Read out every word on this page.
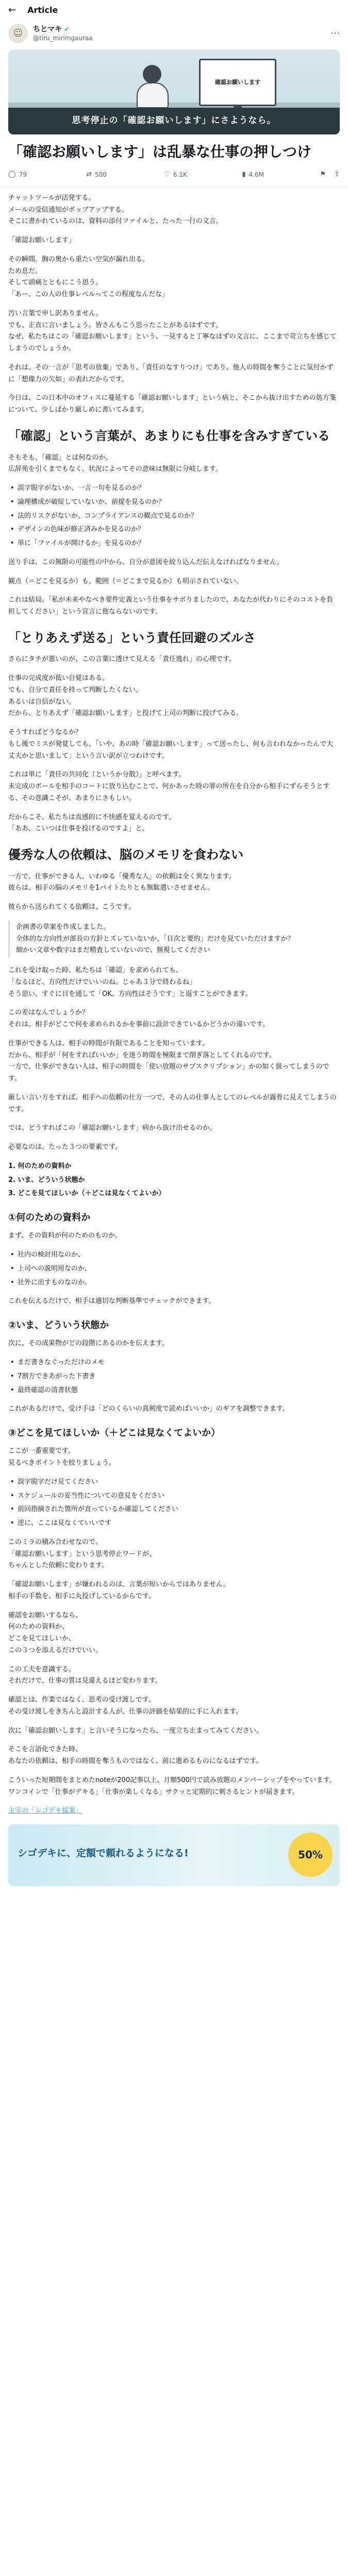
← Article
☺	ちとマキ ✔
@tiru_mirimgauraa	⋯
確認お願いします
思考停止の「確認お願いします」にさようなら。
「確認お願いします」は乱暴な仕事の押しつけ
◯ 79	⇄ 500	♡ 6.1K	▮ 4.6M	⚑ ⇪

チャットツールが活発する。
メールの受信通知がポップアップする。
そこに書かれているのは、資料の添付ファイルと、たった一行の文言。

「確認お願いします」

その瞬間、胸の奥から重たい空気が漏れ出る。
ため息だ。
そして頭痛とともにこう思う。
「あー、この人の仕事レベルってこの程度なんだな」

汚い言葉で申し訳ありません。
でも、正直に言いましょう。皆さんもこう思ったことがあるはずです。
なぜ、私たちはこの「確認お願いします」という、一見すると丁寧なはずの文言に、ここまで苛立ちを感じてしまうのでしょうか。

それは、その一言が「思考の放棄」であり、「責任のなすりつけ」であり、他人の時間を奪うことに気付かずに「想像力の欠如」の表れだからです。

今日は、この日本中のオフィスに蔓延する「確認お願いします」という病と、そこから抜け出すための処方箋について、少しばかり厳しめに書いてみます。

「確認」という言葉が、あまりにも仕事を含みすぎている

そもそも、「確認」とは何なのか。
広辞苑を引くまでもなく、状況によってその意味は無限に分岐します。

• 誤字脱字がないか、一言一句を見るのか？
• 論理構成が破綻していないか、前提を見るのか？
• 法的リスクがないか、コンプライアンスの観点で見るのか？
• デザインの色味が修正済みかを見るのか？
• 単に「ファイルが開けるか」を見るのか？

送り手は、この無限の可能性の中から、自分が意図を絞り込んだ伝えなければなりません。

観点（＝どこを見るか）も、範囲（＝どこまで見るか）も明示されていない。

これは結局、「私が未来やなべき要件定義という仕事をサボりましたので、あなたが代わりにそのコストを負担してください」という宣言に他ならないのです。

「とりあえず送る」という責任回避のズルさ

さらにタチが悪いのが、この言葉に透けて見える「責任逃れ」の心理です。

仕事の完成度が低い自覚はある。
でも、自分で責任を持って判断したくない。
あるいは自信がない。
だから、とりあえず「確認お願いします」と投げて上司の判断に投げてみる。

そうすればどうなるか？
もし後でミスが発覚しても、「いや、あの時「確認お願いします」って送ったし、何も言われなかったんで大丈夫かと思いまして」という言い訳が立つわけです。

これは単に「責任の共同化（というか分散）」と呼べます。
未完成のボールを相手のコートに放り込むことで、何かあった時の罪の所在を自分から相手にずらそうとする、その意識こそが、あまりにさもしい。

だからこそ、私たちは直感的に不快感を覚えるのです。
「ああ、こいつは仕事を投げるのですよ」と。

優秀な人の依頼は、脳のメモリを食わない

一方で、仕事ができる人、いわゆる「優秀な人」の依頼は全く異なります。
彼らは、相手の脳のメモリを1バイトたりとも無駄遣いさせません。

彼らから送られてくる依頼は、こうです。

企画書の草案を作成しました。
全体的な方向性が部長の方針とズレていないか、「目次と要約」だけを見ていただけますか？
細かい文章や数字はまだ精査していないので、無視してください

これを受け取った時、私たちは「確認」を求められても、
「なるほど、方向性だけでいいのね。じゃあ３分で終わるね」
そう思い、すぐに目を通して「OK、方向性はそうです」と返すことができます。

この差はなんでしょうか？
それは、相手がどこで何を求められるかを事前に設計できているかどうかの違いです。

仕事ができる人は、相手の時間が有限であることを知っています。
だから、相手が「何をすればいいか」を迷う時間を極限まで削ぎ落としてくれるのです。
一方で、仕事ができない人は、相手の時間を「使い放題のサブスクリプション」かの如く扱ってしまうのです。

厳しい言い方をすれば、相手への依頼の仕方一つで、その人の仕事人としてのレベルが露骨に見えてしまうのです。

では、どうすればこの「確認お願いします」病から抜け出せるのか。

必要なのは、たった３つの要素です。

1. 何のための資料か
2. いま、どういう状態か
3. どこを見てほしいか（＋どこは見なくてよいか）
①何のための資料か

まず、その資料が何のためのものか。

• 社内の検討用なのか、
• 上司への説明用なのか、
• 社外に出すものなのか。

これを伝えるだけで、相手は適切な判断基準でチェックができます。

②いま、どういう状態か

次に、その成果物がどの段階にあるのかを伝えます。

• まだ書きなぐっただけのメモ
• 7割方できあがった下書き
• 最終確認の清書状態

これがあるだけで、受け手は「どのくらいの真剣度で読めばいいか」のギアを調整できます。

③どこを見てほしいか（＋どこは見なくてよいか）

ここが一番重要です。
見るべきポイントを絞りましょう。

• 誤字脱字だけ見てください
• スケジュールの妥当性についての意見をください
• 前回指摘された箇所が直っているか確認してください
• 逆に、ここは見なくていいです

このミラの積み合わせなので、
「確認お願いします」という思考停止ワードが、
ちゃんとした依頼に変わります。

「確認お願いします」が嫌われるのは、言葉が短いからではありません。
相手の手数を、相手に丸投げしているからです。

確認をお願いするなら、
何のための資料か、
どこを見てほしいか、
この３つを添えるだけでいい。

この工夫を意識する。
それだけで、仕事の質は見違えるほど変わります。

確認とは、作業ではなく、思考の受け渡しです。
その受け渡しをきちんと設計する人が、仕事の評価を結果的に手に入れます。

次に「確認お願いします」と言いそうになったら、一度立ち止まってみてください。

そこを言語化できた時、
あなたの依頼は、相手の時間を奪うものではなく、前に進めるものになるはずです。

こういった短期間をまとめたnoteが200記事以上、月額500円で読み放題のメンバーシップをやっています。ワンコインで「仕事がデキる」「仕事が楽しくなる」サクッと定期的に刺さるヒントが届きます。

主宰の「シゴデキ提案」

シゴデキに、定額で頼れるようになる!	50%
